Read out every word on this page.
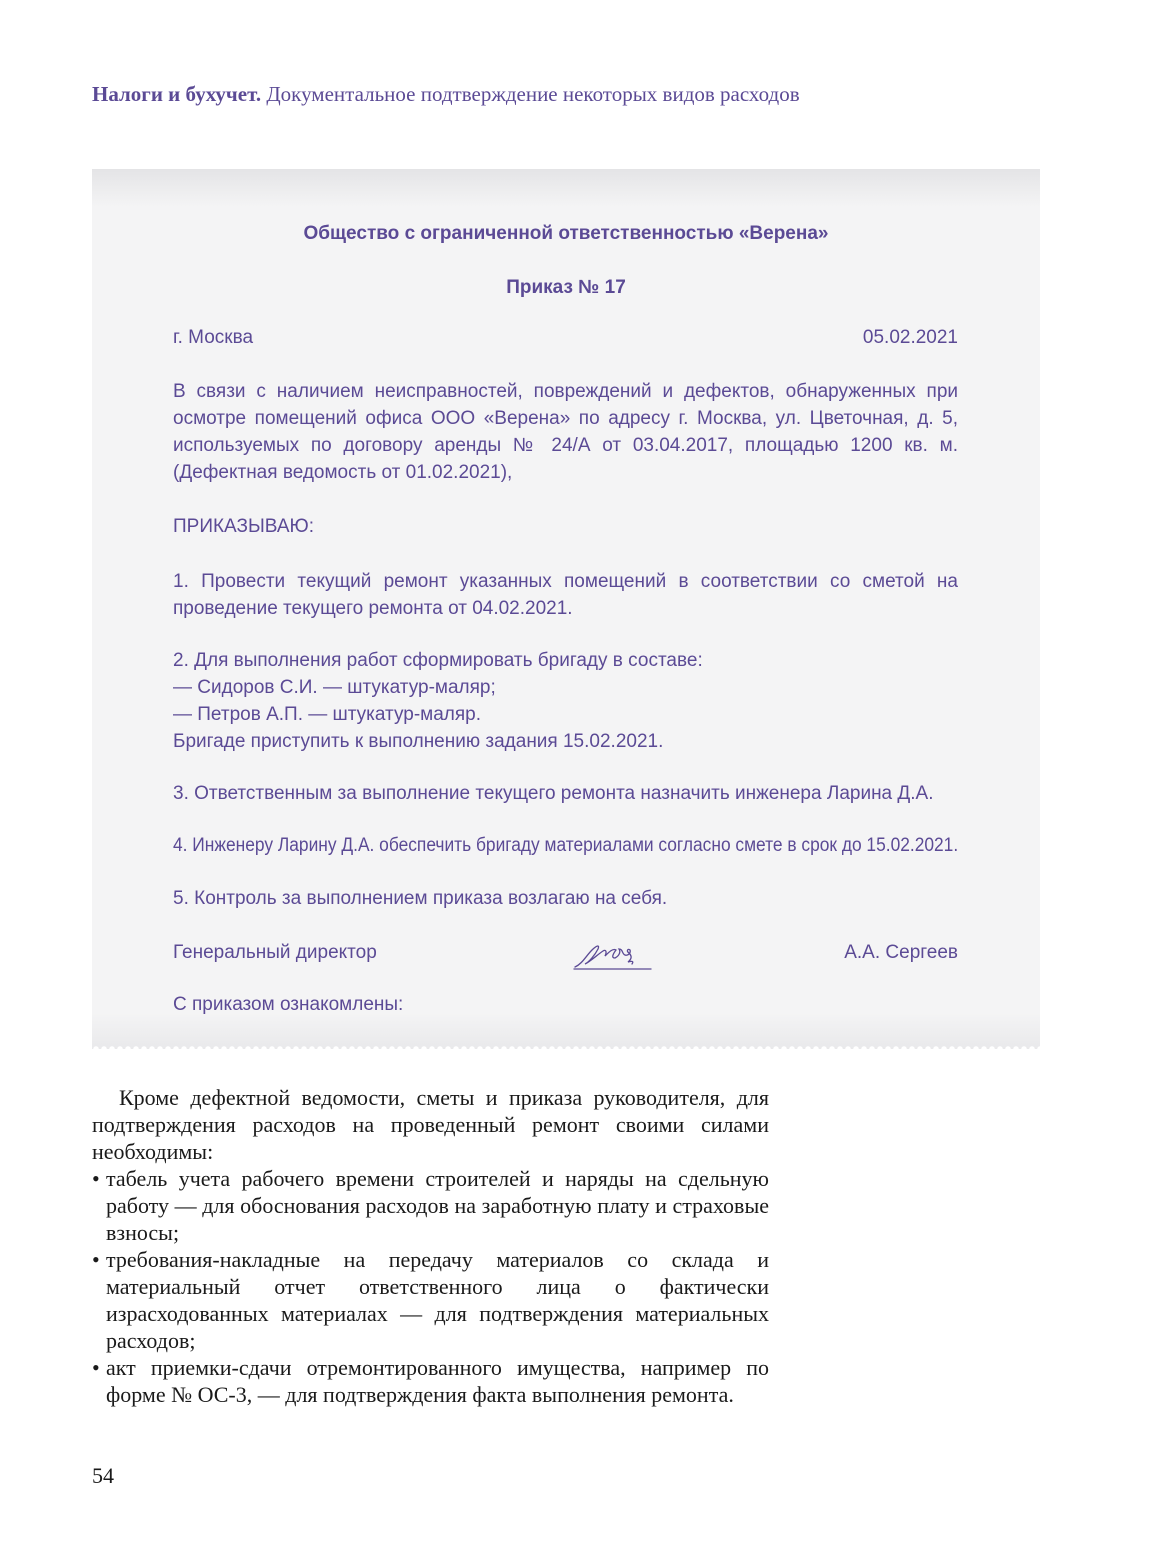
Налоги и бухучет. Документальное подтверждение некоторых видов расходов
Общество с ограниченной ответственностью «Верена»
Приказ № 17
г. Москва	05.02.2021
В связи с наличием неисправностей, повреждений и дефектов, обнаруженных при осмотре помещений офиса ООО «Верена» по адресу г. Москва, ул. Цветочная, д. 5, используемых по договору аренды № 24/А от 03.04.2017, площадью 1200 кв. м. (Дефектная ведомость от 01.02.2021),
ПРИКАЗЫВАЮ:
1. Провести текущий ремонт указанных помещений в соответствии со сметой на проведение текущего ремонта от 04.02.2021.
2. Для выполнения работ сформировать бригаду в составе:
— Сидоров С.И. — штукатур-маляр;
— Петров А.П. — штукатур-маляр.
Бригаде приступить к выполнению задания 15.02.2021.
3. Ответственным за выполнение текущего ремонта назначить инженера Ларина Д.А.
4. Инженеру Ларину Д.А. обеспечить бригаду материалами согласно смете в срок до 15.02.2021.
5. Контроль за выполнением приказа возлагаю на себя.
Генеральный директор	А.А. Сергеев
С приказом ознакомлены:

Кроме дефектной ведомости, сметы и приказа руководителя, для подтверждения расходов на проведенный ремонт своими силами необходимы:

• табель учета рабочего времени строителей и наряды на сдельную работу — для обоснования расходов на заработную плату и страховые взносы;
• требования-накладные на передачу материалов со склада и материальный отчет ответственного лица о фактически израсходованных материалах — для подтверждения материальных расходов;
• акт приемки-сдачи отремонтированного имущества, например по форме № ОС-3, — для подтверждения факта выполнения ремонта.
54
